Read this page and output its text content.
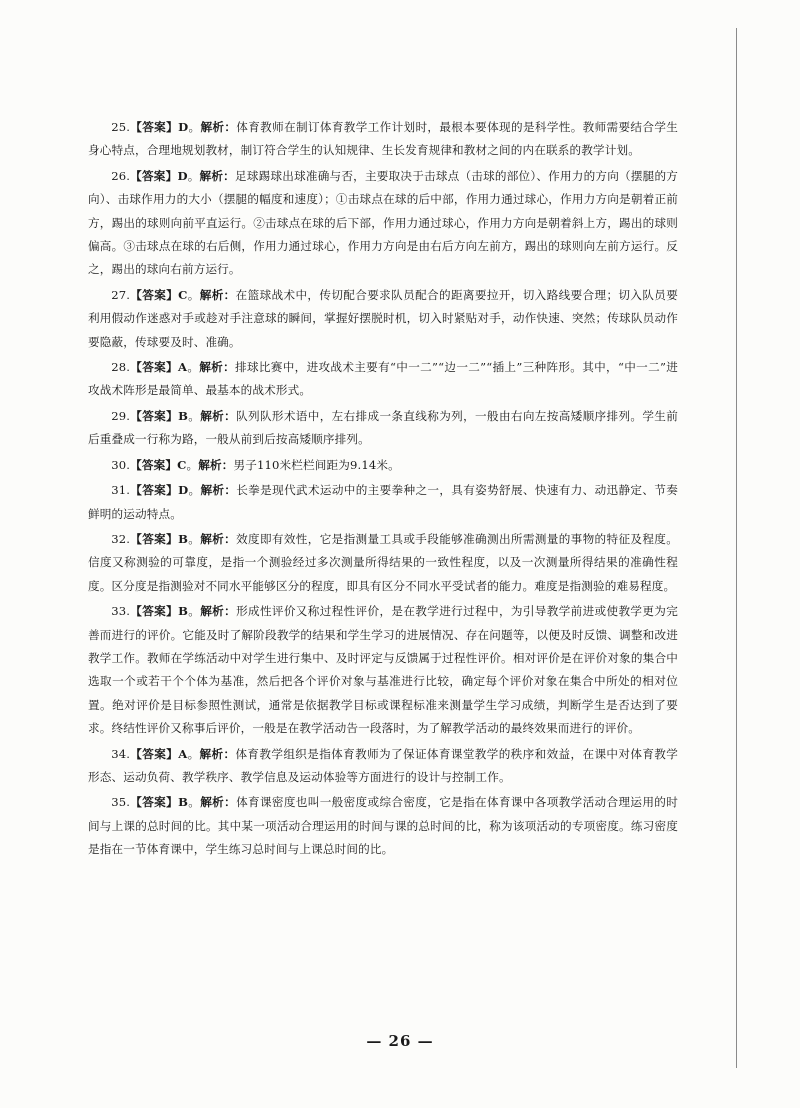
25.【答案】D。解析：体育教师在制订体育教学工作计划时，最根本要体现的是科学性。教师需要结合学生身心特点，合理地规划教材，制订符合学生的认知规律、生长发育规律和教材之间的内在联系的教学计划。

26.【答案】D。解析：足球踢球出球准确与否，主要取决于击球点（击球的部位）、作用力的方向（摆腿的方向）、击球作用力的大小（摆腿的幅度和速度）；①击球点在球的后中部，作用力通过球心，作用力方向是朝着正前方，踢出的球则向前平直运行。②击球点在球的后下部，作用力通过球心，作用力方向是朝着斜上方，踢出的球则偏高。③击球点在球的右后侧，作用力通过球心，作用力方向是由右后方向左前方，踢出的球则向左前方运行。反之，踢出的球向右前方运行。

27.【答案】C。解析：在篮球战术中，传切配合要求队员配合的距离要拉开，切入路线要合理；切入队员要利用假动作迷惑对手或趁对手注意球的瞬间，掌握好摆脱时机，切入时紧贴对手，动作快速、突然；传球队员动作要隐蔽，传球要及时、准确。

28.【答案】A。解析：排球比赛中，进攻战术主要有“中一二”“边一二”“插上”三种阵形。其中，“中一二”进攻战术阵形是最简单、最基本的战术形式。

29.【答案】B。解析：队列队形术语中，左右排成一条直线称为列，一般由右向左按高矮顺序排列。学生前后重叠成一行称为路，一般从前到后按高矮顺序排列。

30.【答案】C。解析：男子110米栏栏间距为9.14米。

31.【答案】D。解析：长拳是现代武术运动中的主要拳种之一，具有姿势舒展、快速有力、动迅静定、节奏鲜明的运动特点。

32.【答案】B。解析：效度即有效性，它是指测量工具或手段能够准确测出所需测量的事物的特征及程度。信度又称测验的可靠度，是指一个测验经过多次测量所得结果的一致性程度，以及一次测量所得结果的准确性程度。区分度是指测验对不同水平能够区分的程度，即具有区分不同水平受试者的能力。难度是指测验的难易程度。

33.【答案】B。解析：形成性评价又称过程性评价，是在教学进行过程中，为引导教学前进或使教学更为完善而进行的评价。它能及时了解阶段教学的结果和学生学习的进展情况、存在问题等，以便及时反馈、调整和改进教学工作。教师在学练活动中对学生进行集中、及时评定与反馈属于过程性评价。相对评价是在评价对象的集合中选取一个或若干个个体为基准，然后把各个评价对象与基准进行比较，确定每个评价对象在集合中所处的相对位置。绝对评价是目标参照性测试，通常是依据教学目标或课程标准来测量学生学习成绩，判断学生是否达到了要求。终结性评价又称事后评价，一般是在教学活动告一段落时，为了解教学活动的最终效果而进行的评价。

34.【答案】A。解析：体育教学组织是指体育教师为了保证体育课堂教学的秩序和效益，在课中对体育教学形态、运动负荷、教学秩序、教学信息及运动体验等方面进行的设计与控制工作。

35.【答案】B。解析：体育课密度也叫一般密度或综合密度，它是指在体育课中各项教学活动合理运用的时间与上课的总时间的比。其中某一项活动合理运用的时间与课的总时间的比，称为该项活动的专项密度。练习密度是指在一节体育课中，学生练习总时间与上课总时间的比。

— 26 —
